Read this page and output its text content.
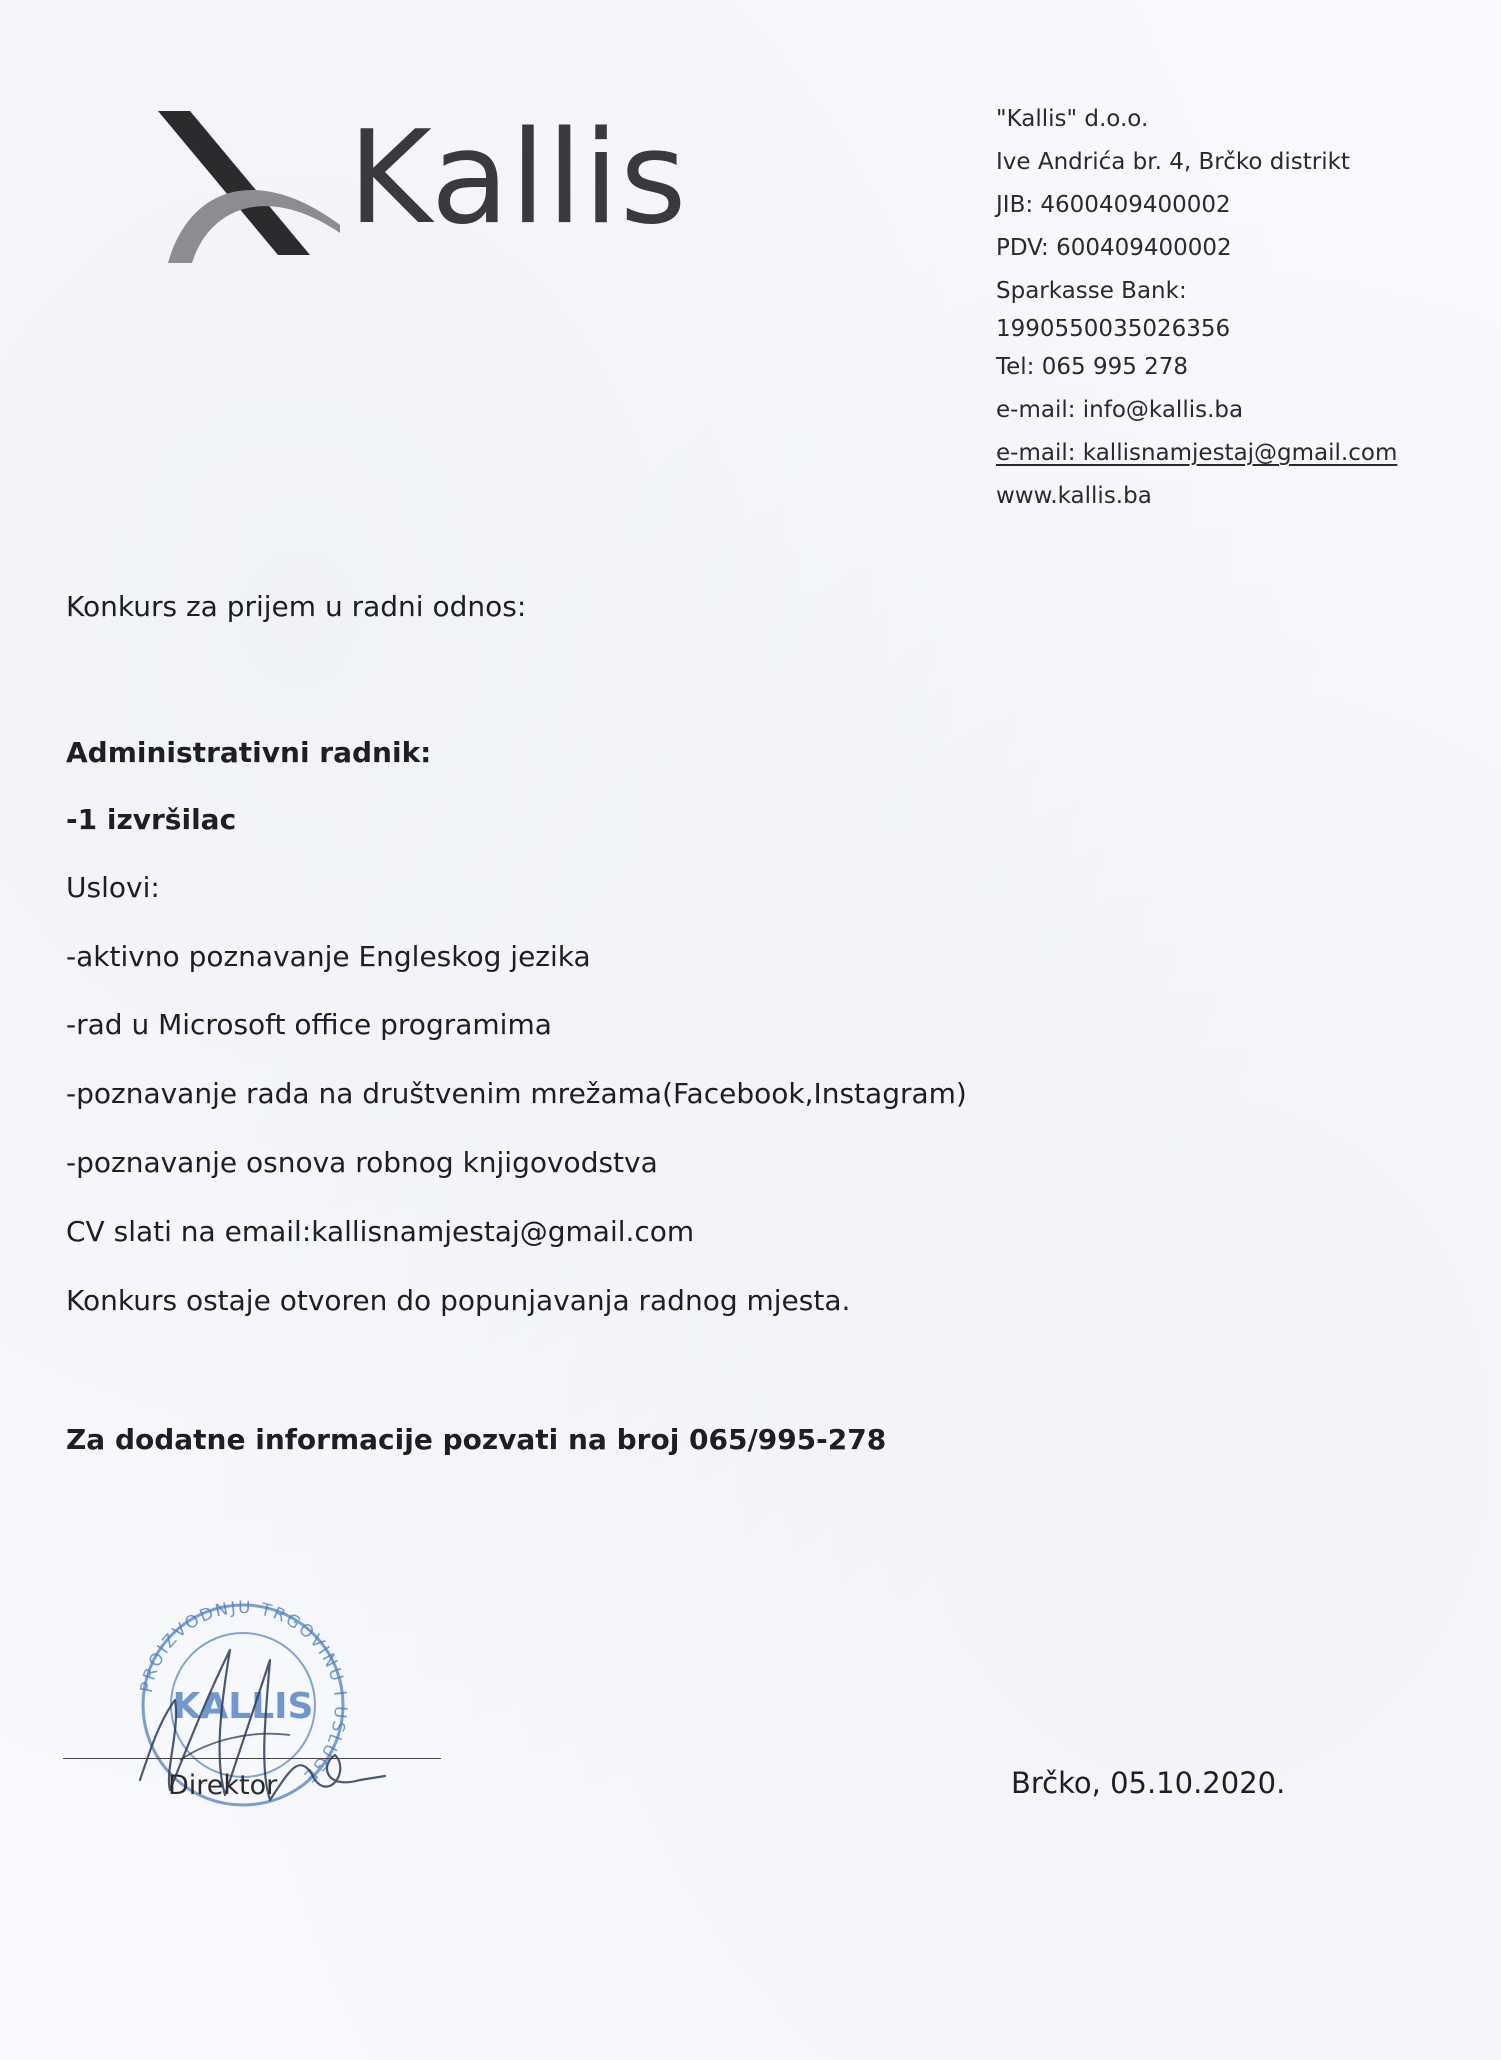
Kallis	"Kallis" d.o.o.
Ive Andrića br. 4, Brčko distrikt
JIB: 4600409400002
PDV: 600409400002
Sparkasse Bank:
1990550035026356
Tel: 065 995 278
e-mail: info@kallis.ba
e-mail: kallisnamjestaj@gmail.com
www.kallis.ba
Konkurs za prijem u radni odnos:
Administrativni radnik:
-1 izvršilac
Uslovi:
-aktivno poznavanje Engleskog jezika
-rad u Microsoft office programima
-poznavanje rada na društvenim mrežama(Facebook,Instagram)
-poznavanje osnova robnog knjigovodstva
CV slati na email:kallisnamjestaj@gmail.com
Konkurs ostaje otvoren do popunjavanja radnog mjesta.
Za dodatne informacije pozvati na broj 065/995-278
PROIZVODNJU TRGOVINU I USLUGE
KALLIS
Direktor	Brčko, 05.10.2020.
